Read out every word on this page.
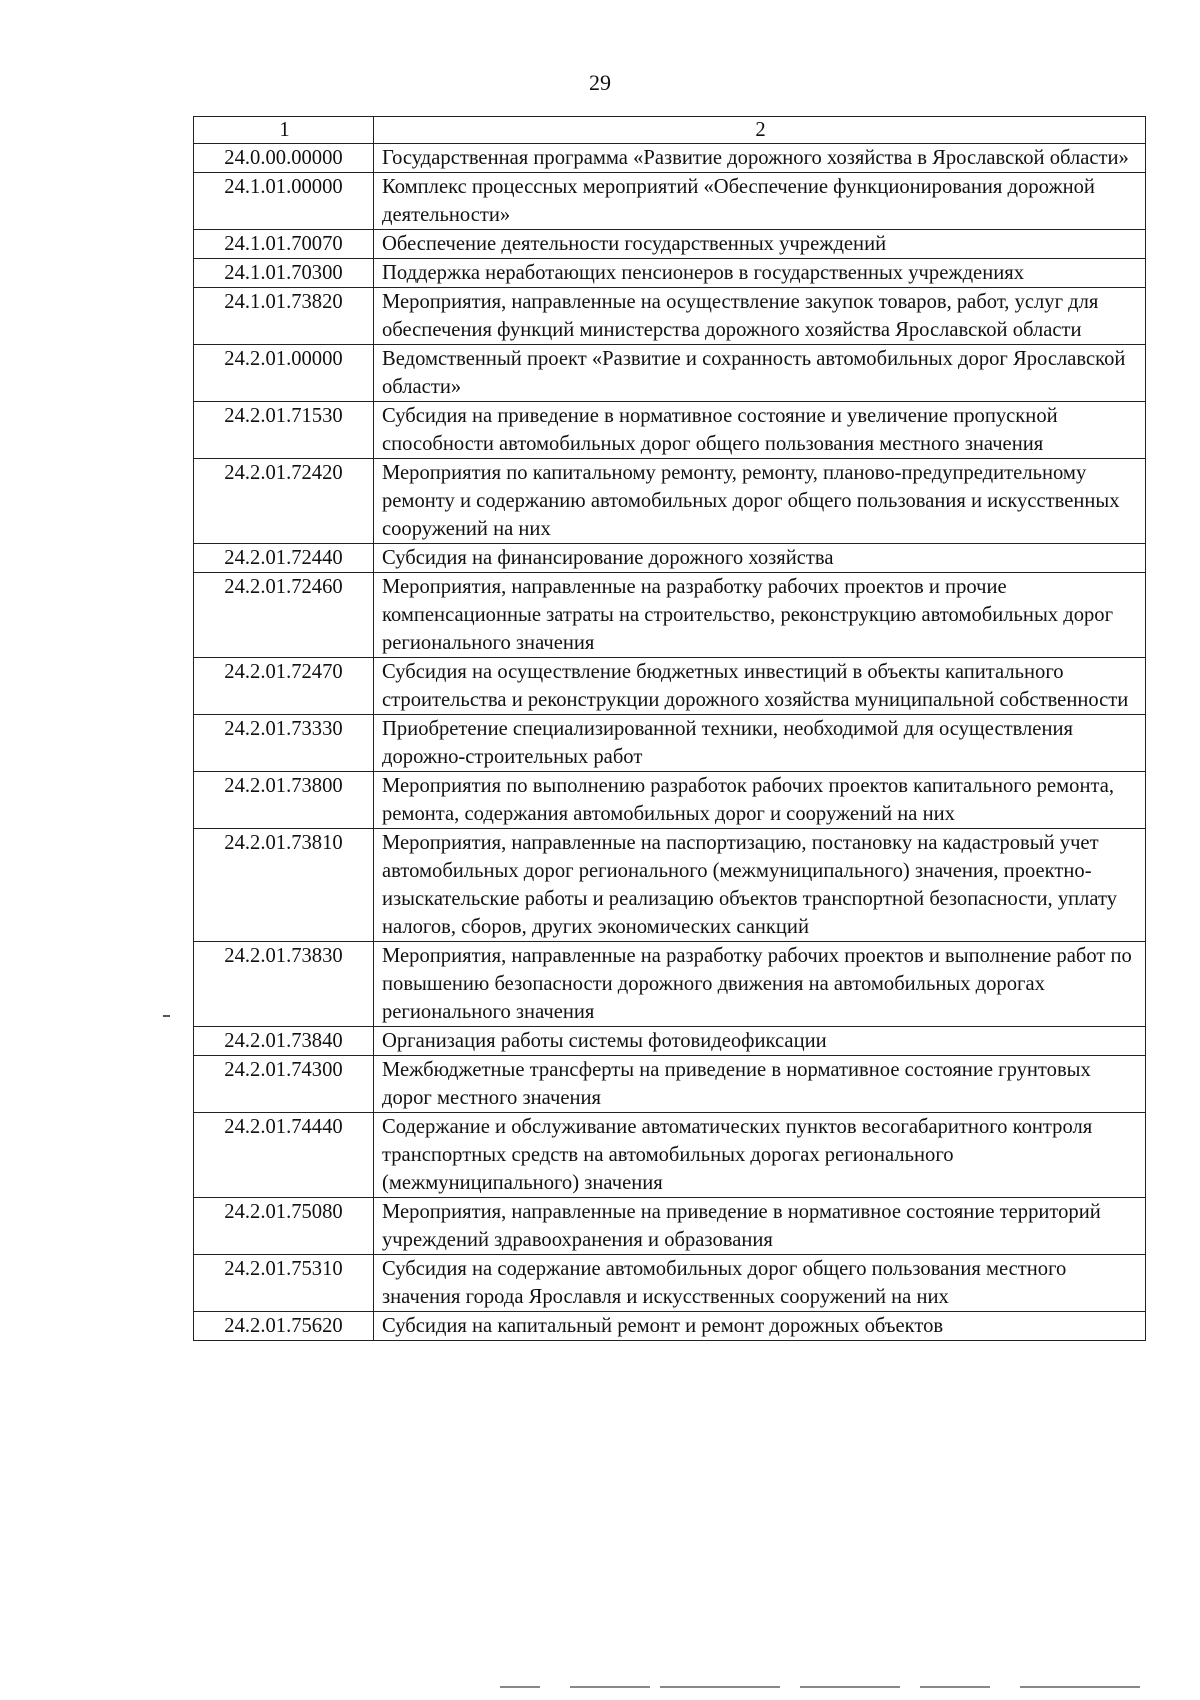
29
1	2
24.0.00.00000	Государственная программа «Развитие дорожного хозяйства в Ярославской области»
24.1.01.00000	Комплекс процессных мероприятий «Обеспечение функционирования дорожной деятельности»
24.1.01.70070	Обеспечение деятельности государственных учреждений
24.1.01.70300	Поддержка неработающих пенсионеров в государственных учреждениях
24.1.01.73820	Мероприятия, направленные на осуществление закупок товаров, работ, услуг для обеспечения функций министерства дорожного хозяйства Ярославской области
24.2.01.00000	Ведомственный проект «Развитие и сохранность автомобильных дорог Ярославской области»
24.2.01.71530	Субсидия на приведение в нормативное состояние и увеличение пропускной способности автомобильных дорог общего пользования местного значения
24.2.01.72420	Мероприятия по капитальному ремонту, ремонту, планово-предупредительному ремонту и содержанию автомобильных дорог общего пользования и искусственных сооружений на них
24.2.01.72440	Субсидия на финансирование дорожного хозяйства
24.2.01.72460	Мероприятия, направленные на разработку рабочих проектов и прочие компенсационные затраты на строительство, реконструкцию автомобильных дорог регионального значения
24.2.01.72470	Субсидия на осуществление бюджетных инвестиций в объекты капитального строительства и реконструкции дорожного хозяйства муниципальной собственности
24.2.01.73330	Приобретение специализированной техники, необходимой для осуществления дорожно-строительных работ
24.2.01.73800	Мероприятия по выполнению разработок рабочих проектов капитального ремонта, ремонта, содержания автомобильных дорог и сооружений на них
24.2.01.73810	Мероприятия, направленные на паспортизацию, постановку на кадастровый учет автомобильных дорог регионального (межмуниципального) значения, проектно-изыскательские работы и реализацию объектов транспортной безопасности, уплату налогов, сборов, других экономических санкций
24.2.01.73830	Мероприятия, направленные на разработку рабочих проектов и выполнение работ по повышению безопасности дорожного движения на автомобильных дорогах регионального значения
24.2.01.73840	Организация работы системы фотовидеофиксации
24.2.01.74300	Межбюджетные трансферты на приведение в нормативное состояние грунтовых дорог местного значения
24.2.01.74440	Содержание и обслуживание автоматических пунктов весогабаритного контроля транспортных средств на автомобильных дорогах регионального (межмуниципального) значения
24.2.01.75080	Мероприятия, направленные на приведение в нормативное состояние территорий учреждений здравоохранения и образования
24.2.01.75310	Субсидия на содержание автомобильных дорог общего пользования местного значения города Ярославля и искусственных сооружений на них
24.2.01.75620	Субсидия на капитальный ремонт и ремонт дорожных объектов
